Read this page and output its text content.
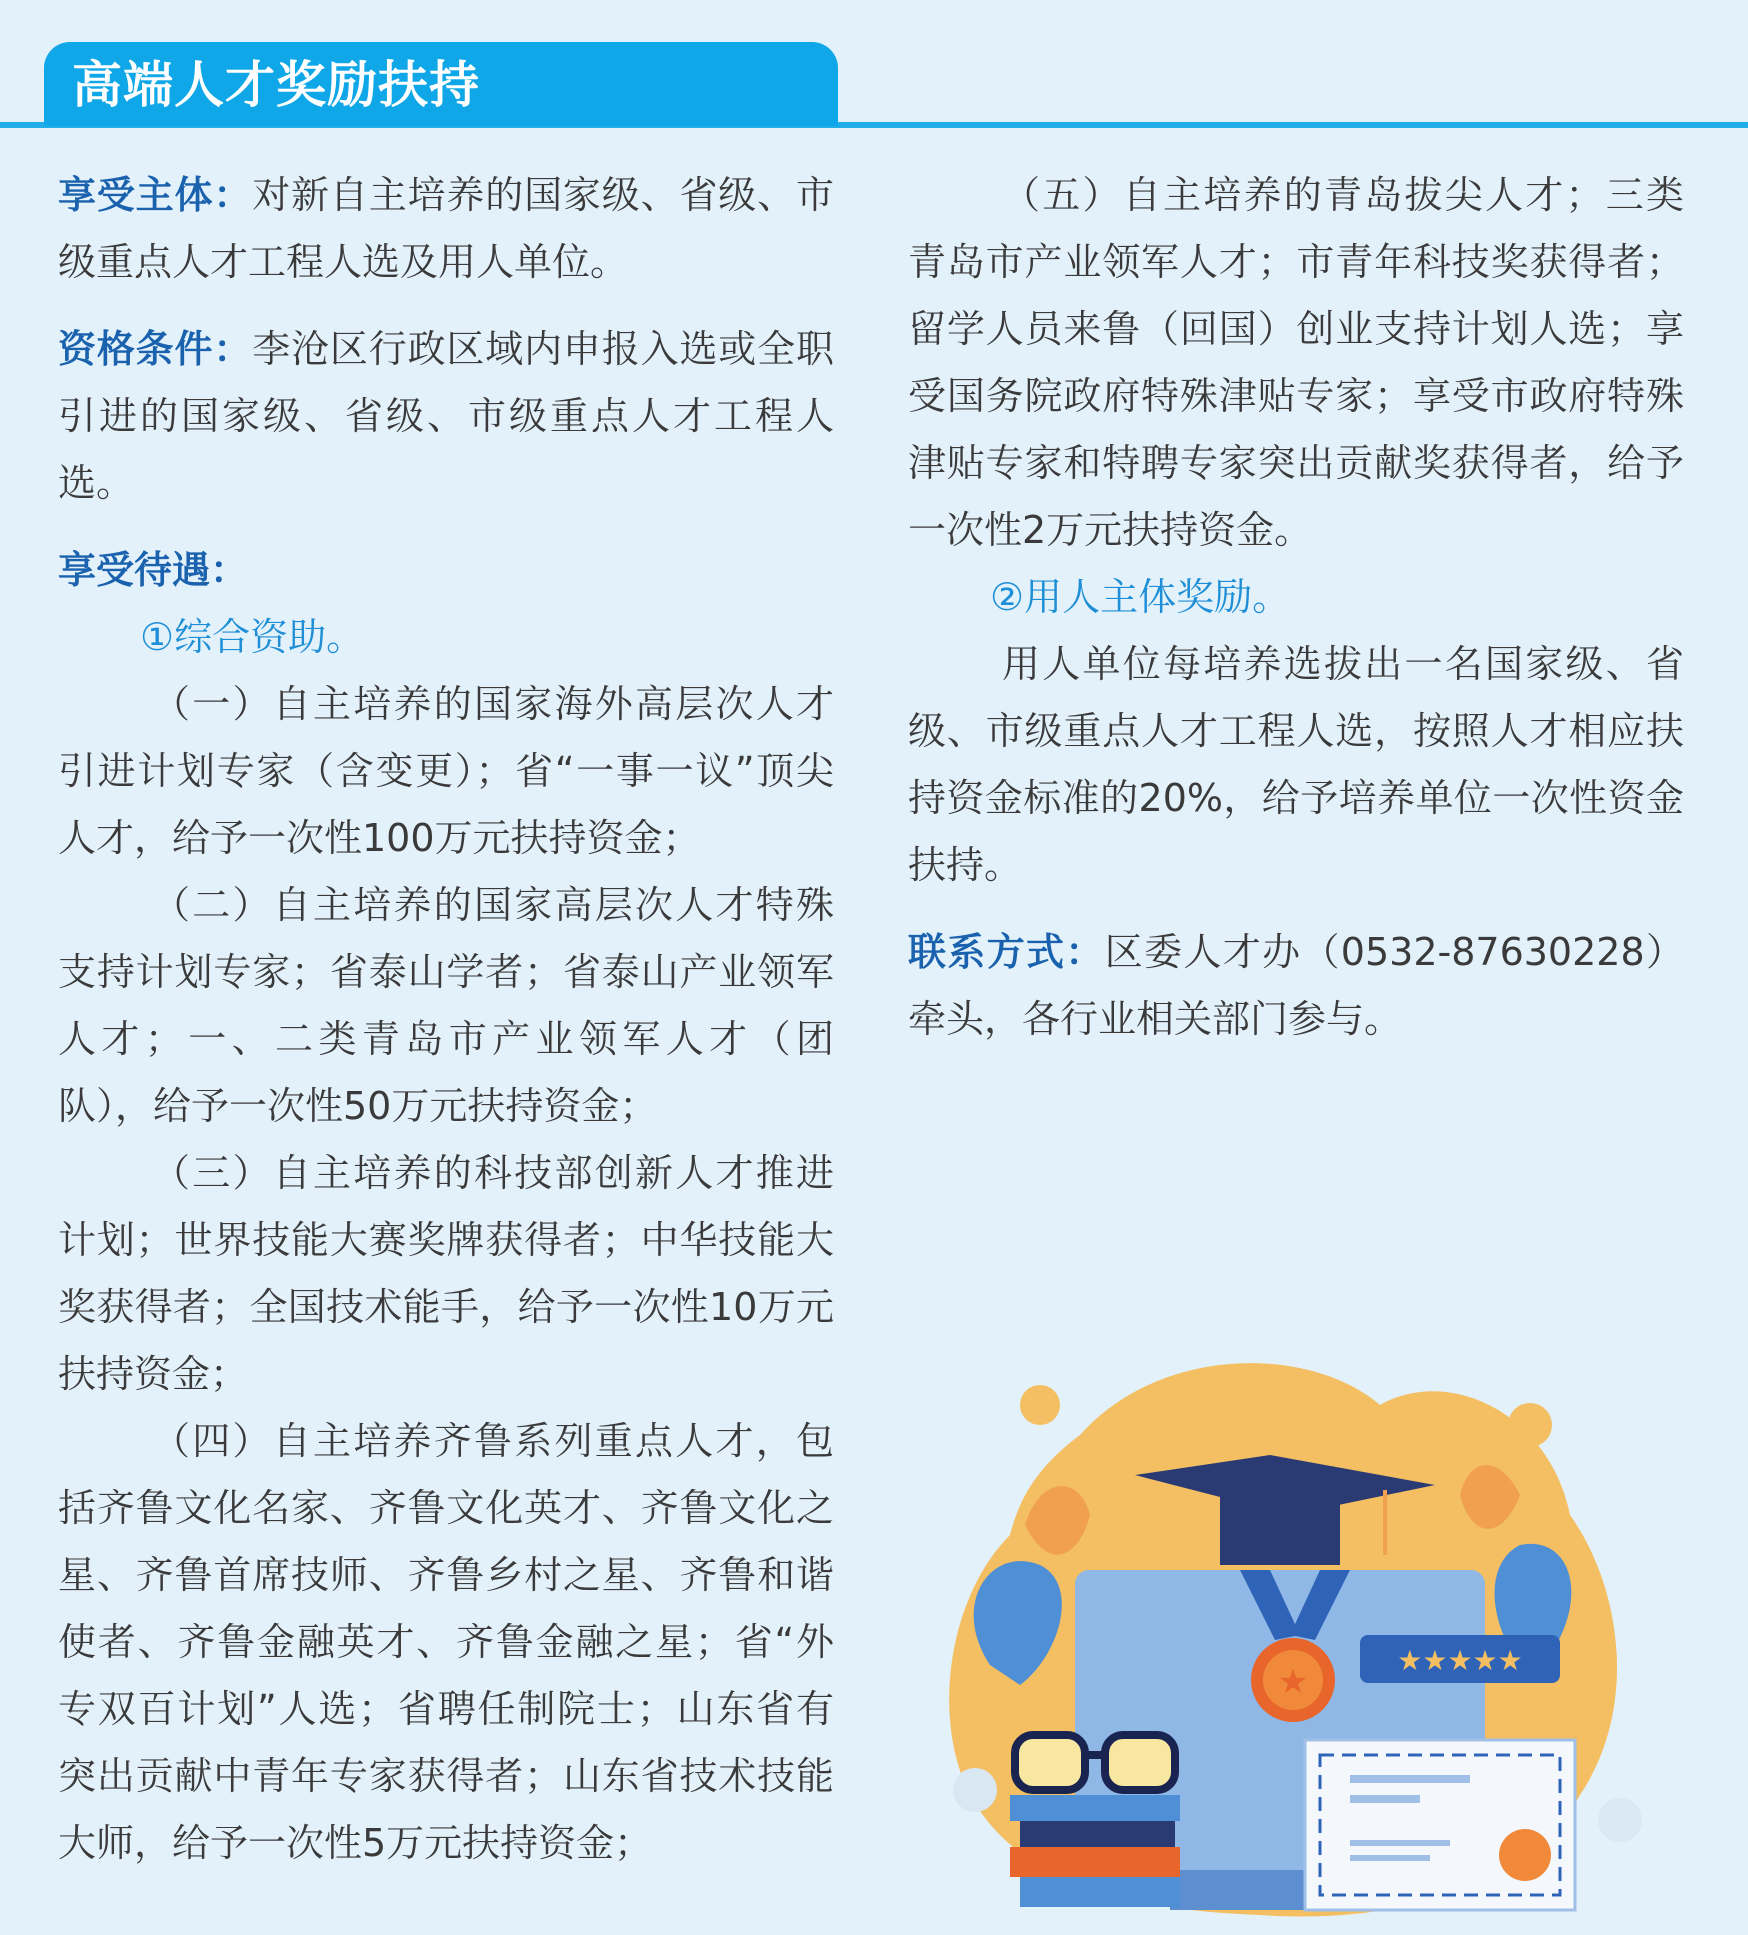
高端人才奖励扶持

享受主体：对新自主培养的国家级、省级、市级重点人才工程人选及用人单位。

资格条件：李沧区行政区域内申报入选或全职引进的国家级、省级、市级重点人才工程人选。

享受待遇：

①综合资助。

（一）自主培养的国家海外高层次人才引进计划专家（含变更）；省“一事一议”顶尖人才，给予一次性100万元扶持资金；

（二）自主培养的国家高层次人才特殊支持计划专家；省泰山学者；省泰山产业领军人才；一、二类青岛市产业领军人才（团队），给予一次性50万元扶持资金；

（三）自主培养的科技部创新人才推进计划；世界技能大赛奖牌获得者；中华技能大奖获得者；全国技术能手，给予一次性10万元扶持资金；

（四）自主培养齐鲁系列重点人才，包括齐鲁文化名家、齐鲁文化英才、齐鲁文化之星、齐鲁首席技师、齐鲁乡村之星、齐鲁和谐使者、齐鲁金融英才、齐鲁金融之星；省“外专双百计划”人选；省聘任制院士；山东省有突出贡献中青年专家获得者；山东省技术技能大师，给予一次性5万元扶持资金；

（五）自主培养的青岛拔尖人才；三类青岛市产业领军人才；市青年科技奖获得者；留学人员来鲁（回国）创业支持计划人选；享受国务院政府特殊津贴专家；享受市政府特殊津贴专家和特聘专家突出贡献奖获得者，给予一次性2万元扶持资金。

②用人主体奖励。

用人单位每培养选拔出一名国家级、省级、市级重点人才工程人选，按照人才相应扶持资金标准的20%，给予培养单位一次性资金扶持。

联系方式：区委人才办（0532-87630228）牵头，各行业相关部门参与。

★
★★★★★
